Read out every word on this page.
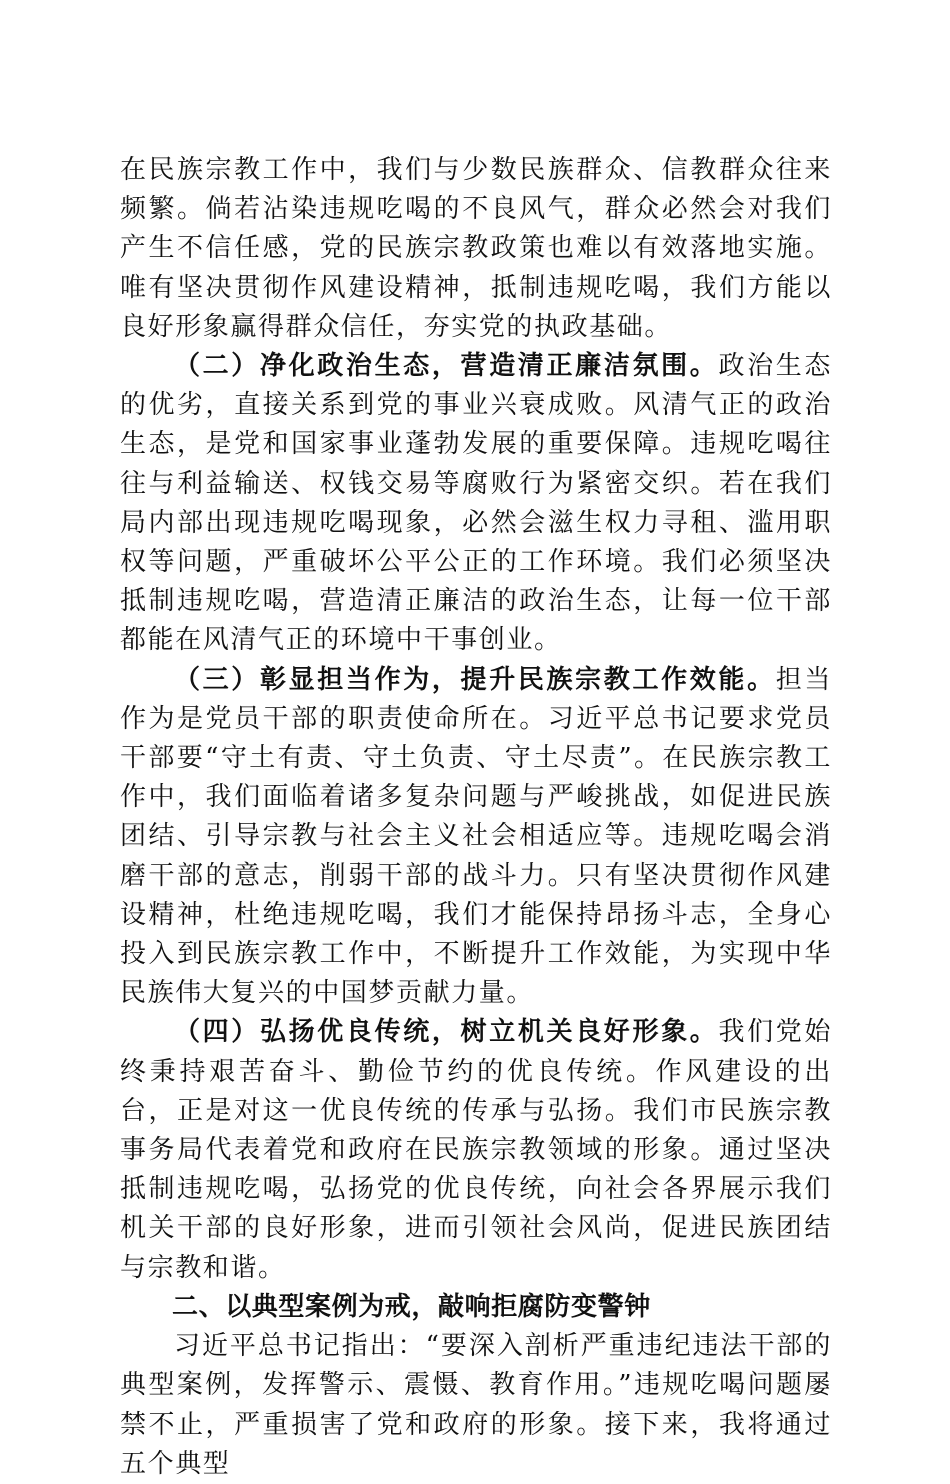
在民族宗教工作中，我们与少数民族群众、信教群众往来频繁。倘若沾染违规吃喝的不良风气，群众必然会对我们产生不信任感，党的民族宗教政策也难以有效落地实施。唯有坚决贯彻作风建设精神，抵制违规吃喝，我们方能以良好形象赢得群众信任，夯实党的执政基础。

（二）净化政治生态，营造清正廉洁氛围。政治生态的优劣，直接关系到党的事业兴衰成败。风清气正的政治生态，是党和国家事业蓬勃发展的重要保障。违规吃喝往往与利益输送、权钱交易等腐败行为紧密交织。若在我们局内部出现违规吃喝现象，必然会滋生权力寻租、滥用职权等问题，严重破坏公平公正的工作环境。我们必须坚决抵制违规吃喝，营造清正廉洁的政治生态，让每一位干部都能在风清气正的环境中干事创业。

（三）彰显担当作为，提升民族宗教工作效能。担当作为是党员干部的职责使命所在。习近平总书记要求党员干部要“守土有责、守土负责、守土尽责”。在民族宗教工作中，我们面临着诸多复杂问题与严峻挑战，如促进民族团结、引导宗教与社会主义社会相适应等。违规吃喝会消磨干部的意志，削弱干部的战斗力。只有坚决贯彻作风建设精神，杜绝违规吃喝，我们才能保持昂扬斗志，全身心投入到民族宗教工作中，不断提升工作效能，为实现中华民族伟大复兴的中国梦贡献力量。

（四）弘扬优良传统，树立机关良好形象。我们党始终秉持艰苦奋斗、勤俭节约的优良传统。作风建设的出台，正是对这一优良传统的传承与弘扬。我们市民族宗教事务局代表着党和政府在民族宗教领域的形象。通过坚决抵制违规吃喝，弘扬党的优良传统，向社会各界展示我们机关干部的良好形象，进而引领社会风尚，促进民族团结与宗教和谐。

二、以典型案例为戒，敲响拒腐防变警钟

习近平总书记指出：“要深入剖析严重违纪违法干部的典型案例，发挥警示、震慑、教育作用。”违规吃喝问题屡禁不止，严重损害了党和政府的形象。接下来，我将通过五个典型
